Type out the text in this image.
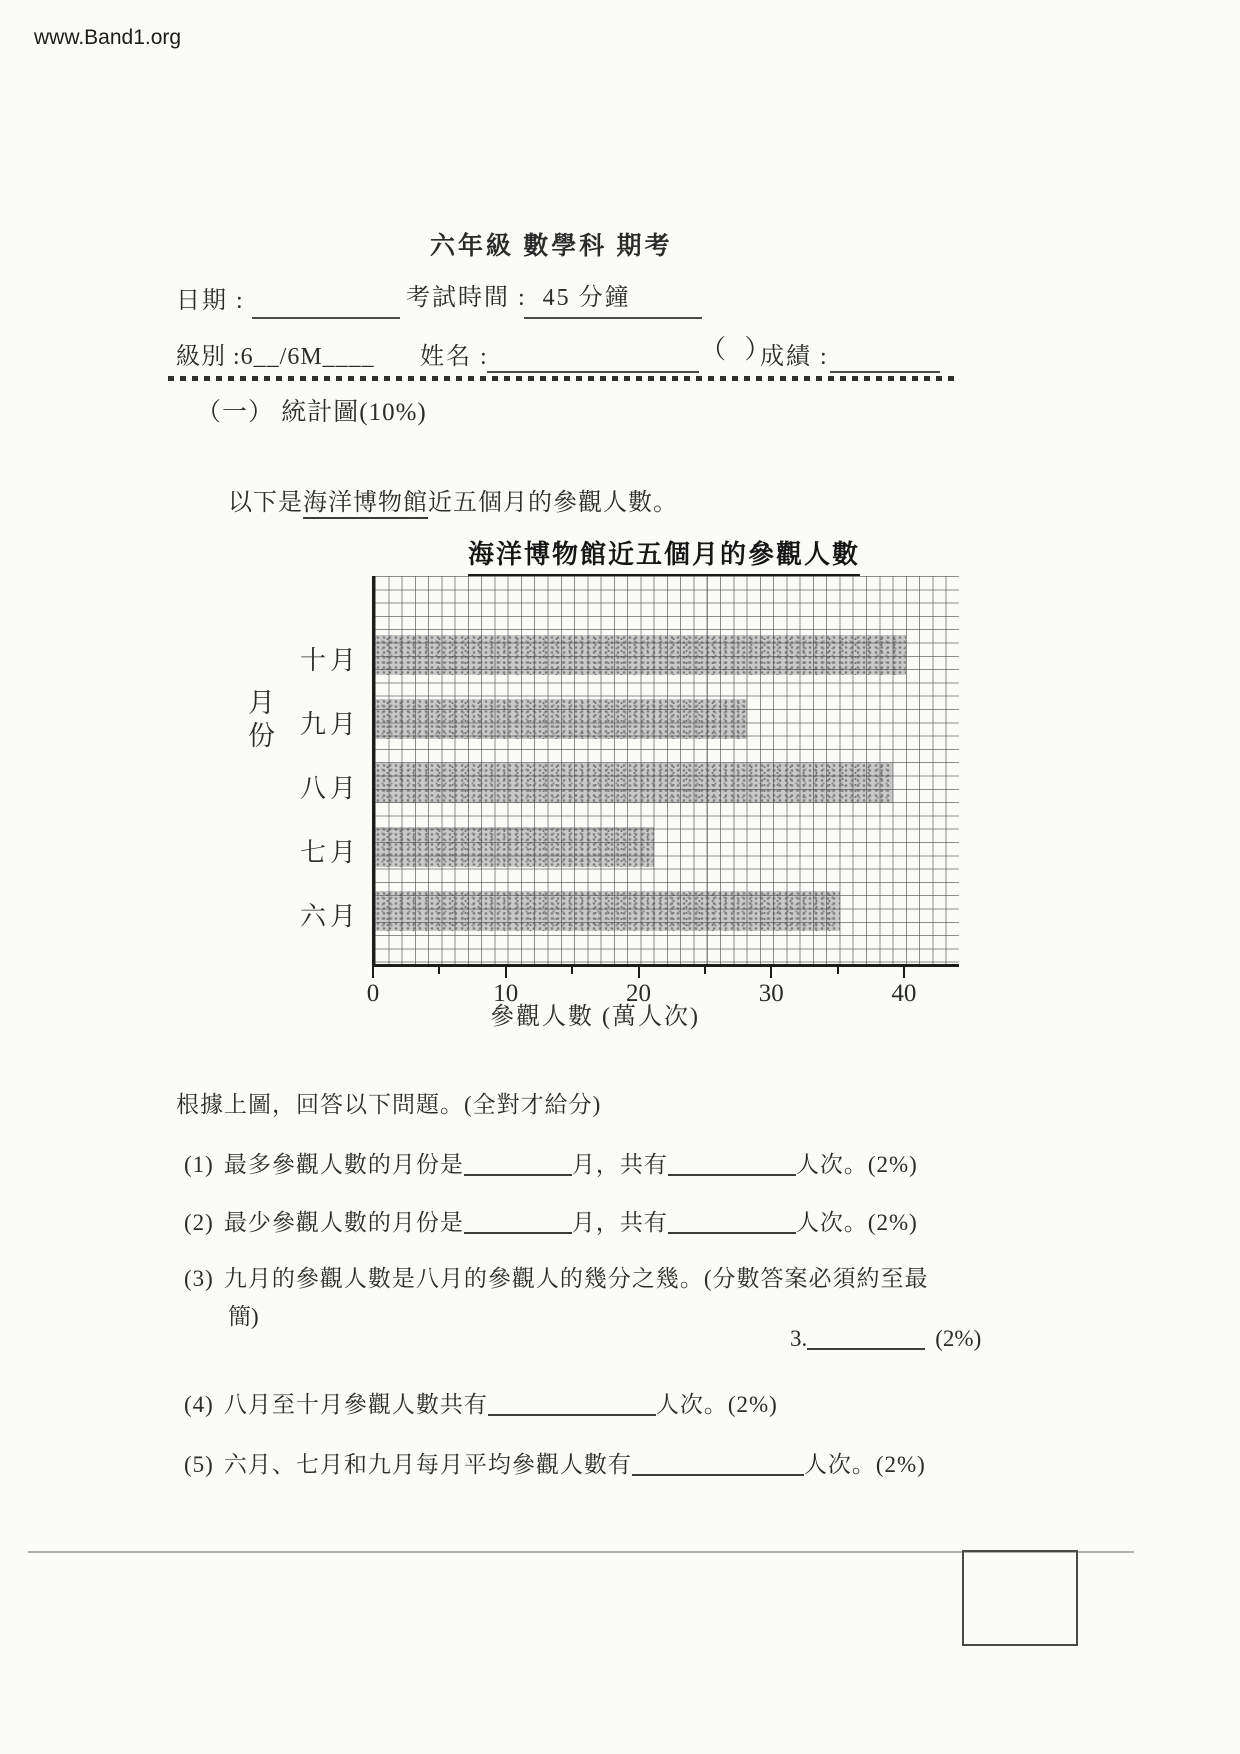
www.Band1.org
六年級 數學科 期考
日期 :	考試時間 : 45 分鐘
級別 :6__/6M____ 姓名 :	（ ）
成績 :
（一） 統計圖(10%)
以下是海洋博物館近五個月的參觀人數。
海洋博物館近五個月的參觀人數
十月
九月
八月
七月
六月
月份
0	10	20	30	40
參觀人數 (萬人次)
根據上圖，回答以下問題。(全對才給分)
(1) 最多參觀人數的月份是	月，共有	人次。(2%)
(2) 最少參觀人數的月份是	月，共有	人次。(2%)
(3) 九月的參觀人數是八月的參觀人的幾分之幾。(分數答案必須約至最
簡)
3.	(2%)
(4) 八月至十月參觀人數共有	人次。(2%)
(5) 六月、七月和九月每月平均參觀人數有	人次。(2%)
